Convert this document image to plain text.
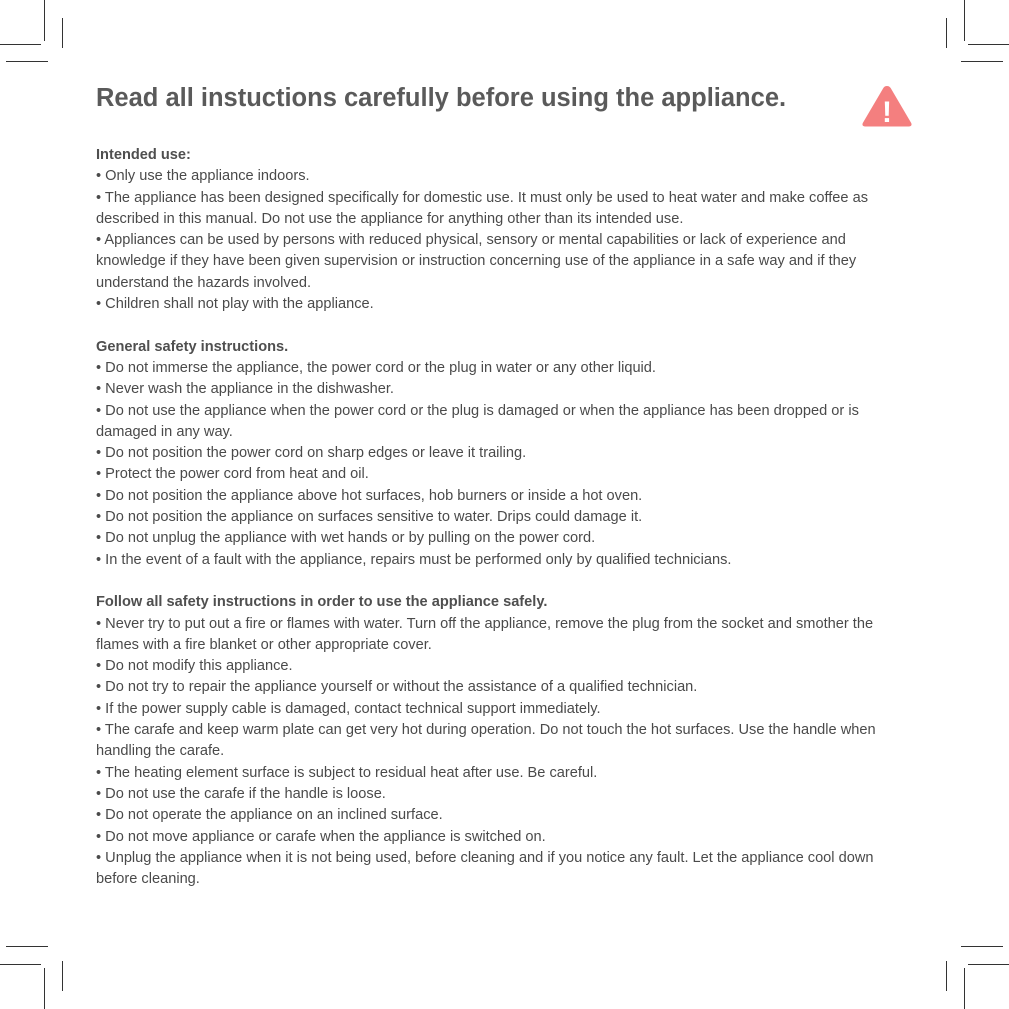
Read all instuctions carefully before using the appliance.	!

Intended use:

• Only use the appliance indoors.

• The appliance has been designed specifically for domestic use. It must only be used to heat water and make coffee as described in this manual. Do not use the appliance for anything other than its intended use.

• Appliances can be used by persons with reduced physical, sensory or mental capabilities or lack of experience and knowledge if they have been given supervision or instruction concerning use of the appliance in a safe way and if they understand the hazards involved.

• Children shall not play with the appliance.

General safety instructions.

• Do not immerse the appliance, the power cord or the plug in water or any other liquid.

• Never wash the appliance in the dishwasher.

• Do not use the appliance when the power cord or the plug is damaged or when the appliance has been dropped or is

damaged in any way.

• Do not position the power cord on sharp edges or leave it trailing.

• Protect the power cord from heat and oil.

• Do not position the appliance above hot surfaces, hob burners or inside a hot oven.

• Do not position the appliance on surfaces sensitive to water. Drips could damage it.

• Do not unplug the appliance with wet hands or by pulling on the power cord.

• In the event of a fault with the appliance, repairs must be performed only by qualified technicians.

Follow all safety instructions in order to use the appliance safely.

• Never try to put out a fire or flames with water. Turn off the appliance, remove the plug from the socket and smother the flames with a fire blanket or other appropriate cover.

• Do not modify this appliance.

• Do not try to repair the appliance yourself or without the assistance of a qualified technician.

• If the power supply cable is damaged, contact technical support immediately.

• The carafe and keep warm plate can get very hot during operation. Do not touch the hot surfaces. Use the handle when handling the carafe.

• The heating element surface is subject to residual heat after use. Be careful.

• Do not use the carafe if the handle is loose.

• Do not operate the appliance on an inclined surface.

• Do not move appliance or carafe when the appliance is switched on.

• Unplug the appliance when it is not being used, before cleaning and if you notice any fault. Let the appliance cool down before cleaning.
